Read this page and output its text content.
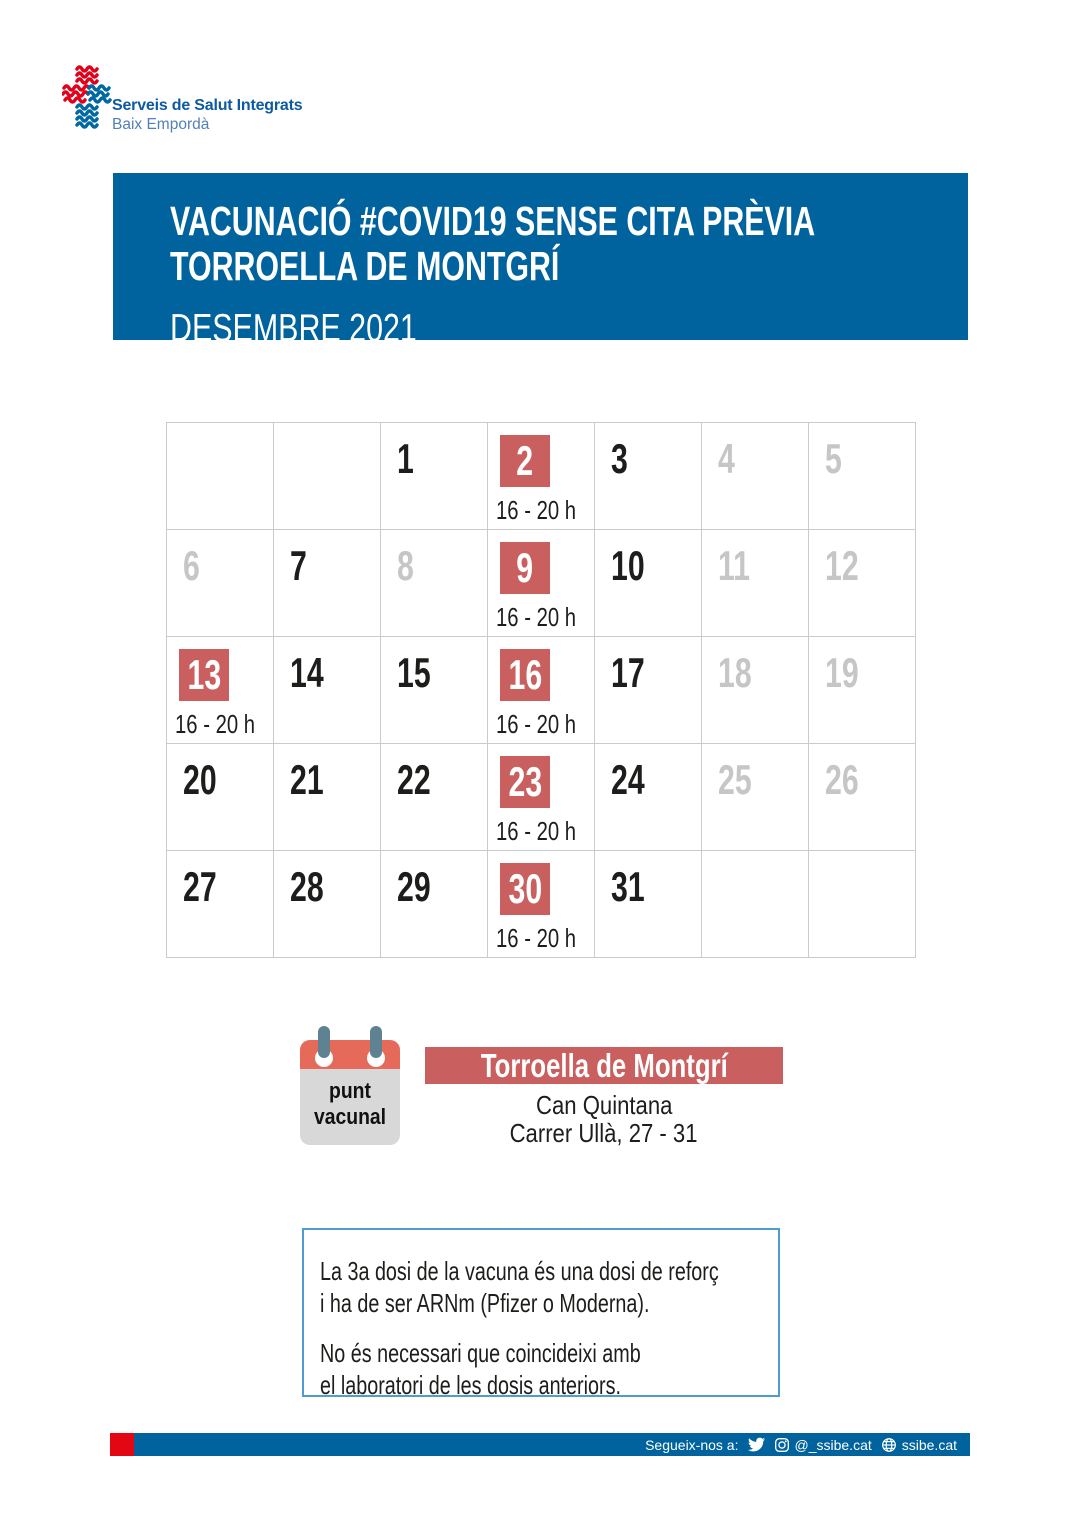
Serveis de Salut Integrats
Baix Empordà
VACUNACIÓ #COVID19 SENSE CITA PRÈVIA
TORROELLA DE MONTGRÍ
DESEMBRE 2021
1 2
16 - 20 h
3 4 5
6 7 8 9
16 - 20 h
10 11 12
13
16 - 20 h
14 15 16
16 - 20 h
17 18 19
20 21 22 23
16 - 20 h
24 25 26
27 28 29 30
16 - 20 h
31
punt
vacunal
Torroella de Montgrí
Can Quintana
Carrer Ullà, 27 - 31
La 3a dosi de la vacuna és una dosi de reforç
i ha de ser ARNm (Pfizer o Moderna).
No és necessari que coincideixi amb
el laboratori de les dosis anteriors.
Segueix-nos a:	@_ssibe.cat ssibe.cat
